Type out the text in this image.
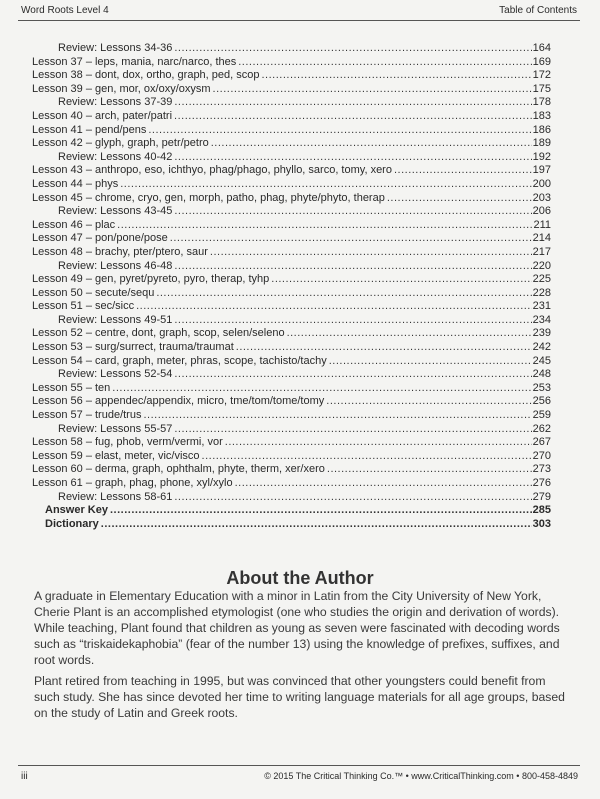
Word Roots Level 4	Table of Contents
Review: Lessons 34-36 .....	164
Lesson 37 – leps, mania, narc/narco, thes .....	169
Lesson 38 – dont, dox, ortho, graph, ped, scop .....	172
Lesson 39 – gen, mor, ox/oxy/oxysm .....	175
Review: Lessons 37-39 .....	178
Lesson 40 – arch, pater/patri .....	183
Lesson 41 – pend/pens .....	186
Lesson 42 – glyph, graph, petr/petro .....	189
Review: Lessons 40-42 .....	192
Lesson 43 – anthropo, eso, ichthyo, phag/phago, phyllo, sarco, tomy, xero .....	197
Lesson 44 – phys .....	200
Lesson 45 – chrome, cryo, gen, morph, patho, phag, phyte/phyto, therap .....	203
Review: Lessons 43-45 .....	206
Lesson 46 – plac .....	211
Lesson 47 – pon/pone/pose .....	214
Lesson 48 – brachy, pter/ptero, saur .....	217
Review: Lessons 46-48 .....	220
Lesson 49 – gen, pyret/pyreto, pyro, therap, tyhp .....	225
Lesson 50 – secute/sequ .....	228
Lesson 51 – sec/sicc .....	231
Review: Lessons 49-51 .....	234
Lesson 52 – centre, dont, graph, scop, selen/seleno .....	239
Lesson 53 – surg/surrect, trauma/traumat .....	242
Lesson 54 – card, graph, meter, phras, scope, tachisto/tachy .....	245
Review: Lessons 52-54 .....	248
Lesson 55 – ten .....	253
Lesson 56 – appendec/appendix, micro, tme/tom/tome/tomy .....	256
Lesson 57 – trude/trus .....	259
Review: Lessons 55-57 .....	262
Lesson 58 – fug, phob, verm/vermi, vor .....	267
Lesson 59 – elast, meter, vic/visco .....	270
Lesson 60 – derma, graph, ophthalm, phyte, therm, xer/xero .....	273
Lesson 61 – graph, phag, phone, xyl/xylo .....	276
Review: Lessons 58-61 .....	279
Answer Key .....	285
Dictionary .....	303
About the Author

A graduate in Elementary Education with a minor in Latin from the City University of New York, Cherie Plant is an accomplished etymologist (one who studies the origin and derivation of words). While teaching, Plant found that children as young as seven were fascinated with decoding words such as “triskaidekaphobia” (fear of the number 13) using the knowledge of prefixes, suffixes, and root words.

Plant retired from teaching in 1995, but was convinced that other youngsters could benefit from such study. She has since devoted her time to writing language materials for all age groups, based on the study of Latin and Greek roots.

iii	© 2015 The Critical Thinking Co.™ • www.CriticalThinking.com • 800-458-4849
